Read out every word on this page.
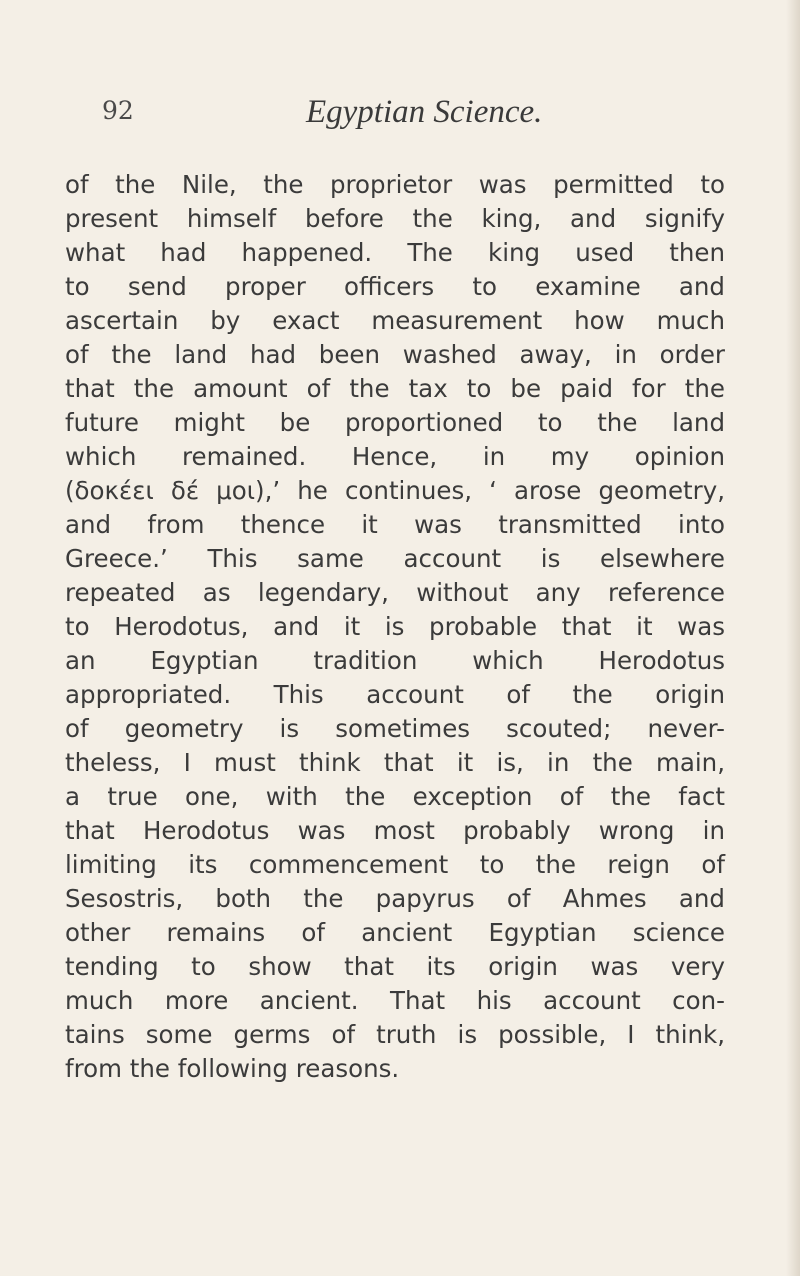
92	Egyptian Science.
of the Nile, the proprietor was permitted to
present himself before the king, and signify
what had happened. The king used then
to send proper officers to examine and
ascertain by exact measurement how much
of the land had been washed away, in order
that the amount of the tax to be paid for the
future might be proportioned to the land
which remained. Hence, in my opinion
(δοκέει δέ μοι),’ he continues, ‘ arose geometry,
and from thence it was transmitted into
Greece.’ This same account is elsewhere
repeated as legendary, without any reference
to Herodotus, and it is probable that it was
an Egyptian tradition which Herodotus
appropriated. This account of the origin
of geometry is sometimes scouted; never-
theless, I must think that it is, in the main,
a true one, with the exception of the fact
that Herodotus was most probably wrong in
limiting its commencement to the reign of
Sesostris, both the papyrus of Ahmes and
other remains of ancient Egyptian science
tending to show that its origin was very
much more ancient. That his account con-
tains some germs of truth is possible, I think,
from the following reasons.
